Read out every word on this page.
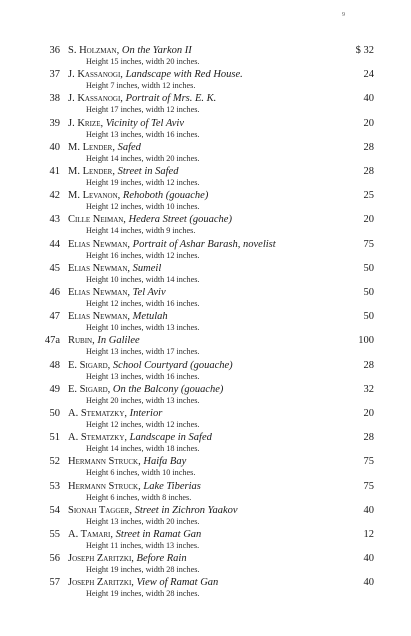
9
36 S. Holzman, On the Yarkon II
Height 15 inches, width 20 inches.
$ 32
37 J. Kassanogi, Landscape with Red House.
Height 7 inches, width 12 inches.
24
38 J. Kassanogi, Portrait of Mrs. E. K.
Height 17 inches, width 12 inches.
40
39 J. Krize, Vicinity of Tel Aviv
Height 13 inches, width 16 inches.
20
40 M. Lender, Safed
Height 14 inches, width 20 inches.
28
41 M. Lender, Street in Safed
Height 19 inches, width 12 inches.
28
42 M. Levanon, Rehoboth (gouache)
Height 12 inches, width 10 inches.
25
43 Cille Neiman, Hedera Street (gouache)
Height 14 inches, width 9 inches.
20
44 Elias Newman, Portrait of Ashar Barash, novelist
Height 16 inches, width 12 inches.
75
45 Elias Newman, Sumeil
Height 10 inches, width 14 inches.
50
46 Elias Newman, Tel Aviv
Height 12 inches, width 16 inches.
50
47 Elias Newman, Metulah
Height 10 inches, width 13 inches.
50
47a Rubin, In Galilee
Height 13 inches, width 17 inches.
100
48 E. Sigard, School Courtyard (gouache)
Height 13 inches, width 16 inches.
28
49 E. Sigard, On the Balcony (gouache)
Height 20 inches, width 13 inches.
32
50 A. Stematzky, Interior
Height 12 inches, width 12 inches.
20
51 A. Stematzky, Landscape in Safed
Height 14 inches, width 18 inches.
28
52 Hermann Struck, Haifa Bay
Height 6 inches, width 10 inches.
75
53 Hermann Struck, Lake Tiberias
Height 6 inches, width 8 inches.
75
54 Sionah Tagger, Street in Zichron Yaakov
Height 13 inches, width 20 inches.
40
55 A. Tamari, Street in Ramat Gan
Height 11 inches, width 13 inches.
12
56 Joseph Zaritzki, Before Rain
Height 19 inches, width 28 inches.
40
57 Joseph Zaritzki, View of Ramat Gan
Height 19 inches, width 28 inches.
40
